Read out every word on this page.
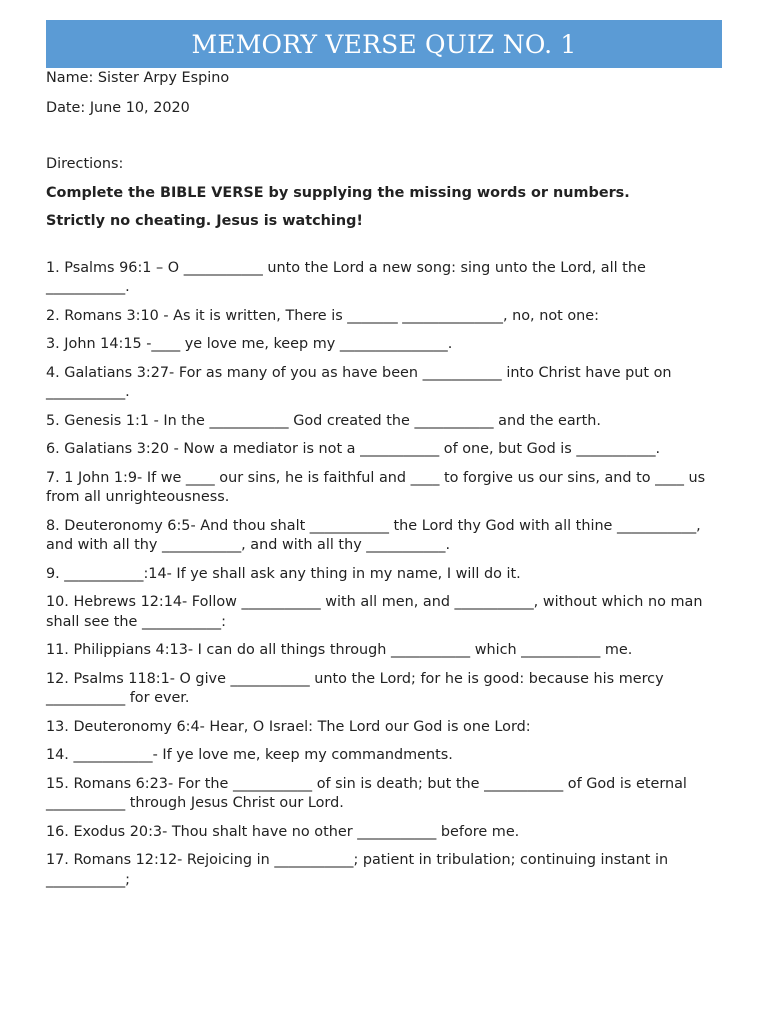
MEMORY VERSE QUIZ NO. 1

Name: Sister Arpy Espino

Date: June 10, 2020

Directions:

Complete the BIBLE VERSE by supplying the missing words or numbers.

Strictly no cheating. Jesus is watching!

1. Psalms 96:1 – O ___________ unto the Lord a new song: sing unto the Lord, all the ___________.

2. Romans 3:10 - As it is written, There is _______ ______________, no, not one:

3. John 14:15 -____ ye love me, keep my _______________.

4. Galatians 3:27- For as many of you as have been ___________ into Christ have put on ___________.

5. Genesis 1:1 - In the ___________ God created the ___________ and the earth.

6. Galatians 3:20 - Now a mediator is not a ___________ of one, but God is ___________.

7. 1 John 1:9- If we ____ our sins, he is faithful and ____ to forgive us our sins, and to ____ us from all unrighteousness.

8. Deuteronomy 6:5- And thou shalt ___________ the Lord thy God with all thine ___________, and with all thy ___________, and with all thy ___________.

9. ___________:14- If ye shall ask any thing in my name, I will do it.

10. Hebrews 12:14- Follow ___________ with all men, and ___________, without which no man shall see the ___________:

11. Philippians 4:13- I can do all things through ___________ which ___________ me.

12. Psalms 118:1- O give ___________ unto the Lord; for he is good: because his mercy ___________ for ever.

13. Deuteronomy 6:4- Hear, O Israel: The Lord our God is one Lord:

14. ___________- If ye love me, keep my commandments.

15. Romans 6:23- For the ___________ of sin is death; but the ___________ of God is eternal ___________ through Jesus Christ our Lord.

16. Exodus 20:3- Thou shalt have no other ___________ before me.

17. Romans 12:12- Rejoicing in ___________; patient in tribulation; continuing instant in ___________;
